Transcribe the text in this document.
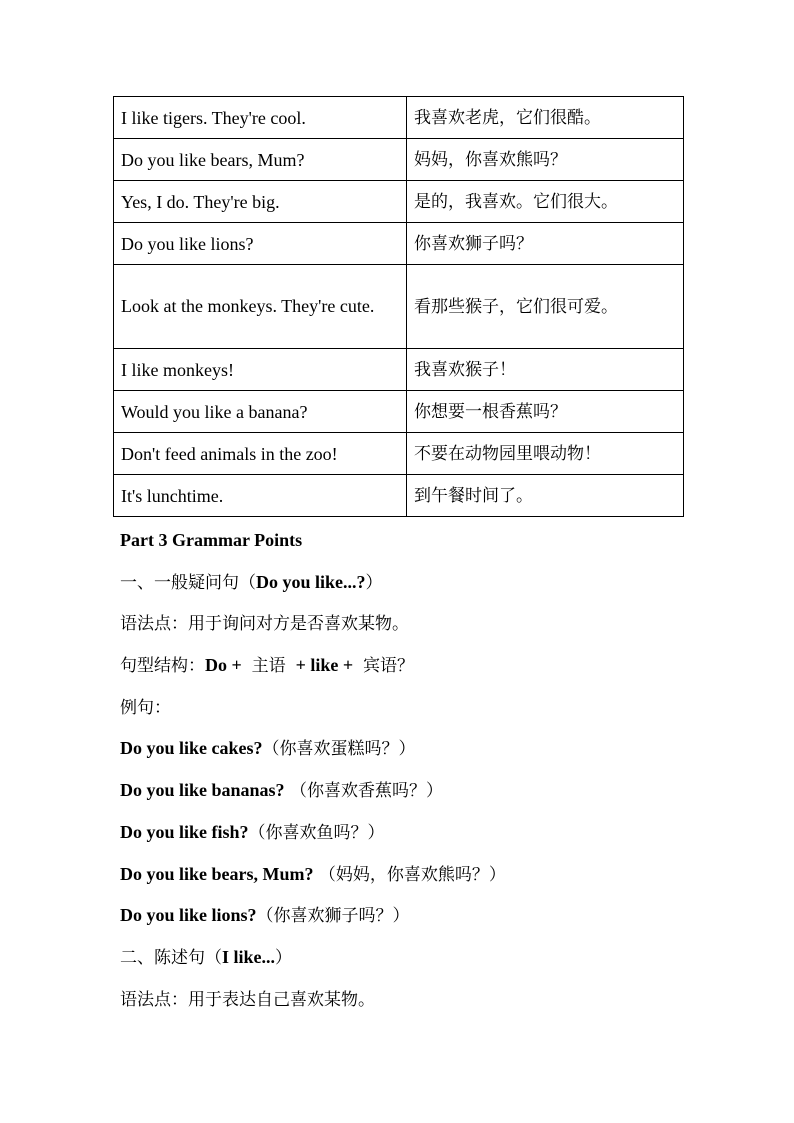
I like tigers. They're cool.	我喜欢老虎，它们很酷。
Do you like bears, Mum?	妈妈，你喜欢熊吗？
Yes, I do. They're big.	是的，我喜欢。它们很大。
Do you like lions?	你喜欢狮子吗？
Look at the monkeys. They're cute.	看那些猴子，它们很可爱。
I like monkeys!	我喜欢猴子！
Would you like a banana?	你想要一根香蕉吗？
Don't feed animals in the zoo!	不要在动物园里喂动物！
It's lunchtime.	到午餐时间了。
Part 3 Grammar Points
一、一般疑问句（Do you like...?）
语法点：用于询问对方是否喜欢某物。
句型结构：Do +  主语  + like +  宾语？
例句：
Do you like cakes?（你喜欢蛋糕吗？）
Do you like bananas? （你喜欢香蕉吗？）
Do you like fish?（你喜欢鱼吗？）
Do you like bears, Mum? （妈妈，你喜欢熊吗？）
Do you like lions?（你喜欢狮子吗？）
二、陈述句（I like...）
语法点：用于表达自己喜欢某物。
